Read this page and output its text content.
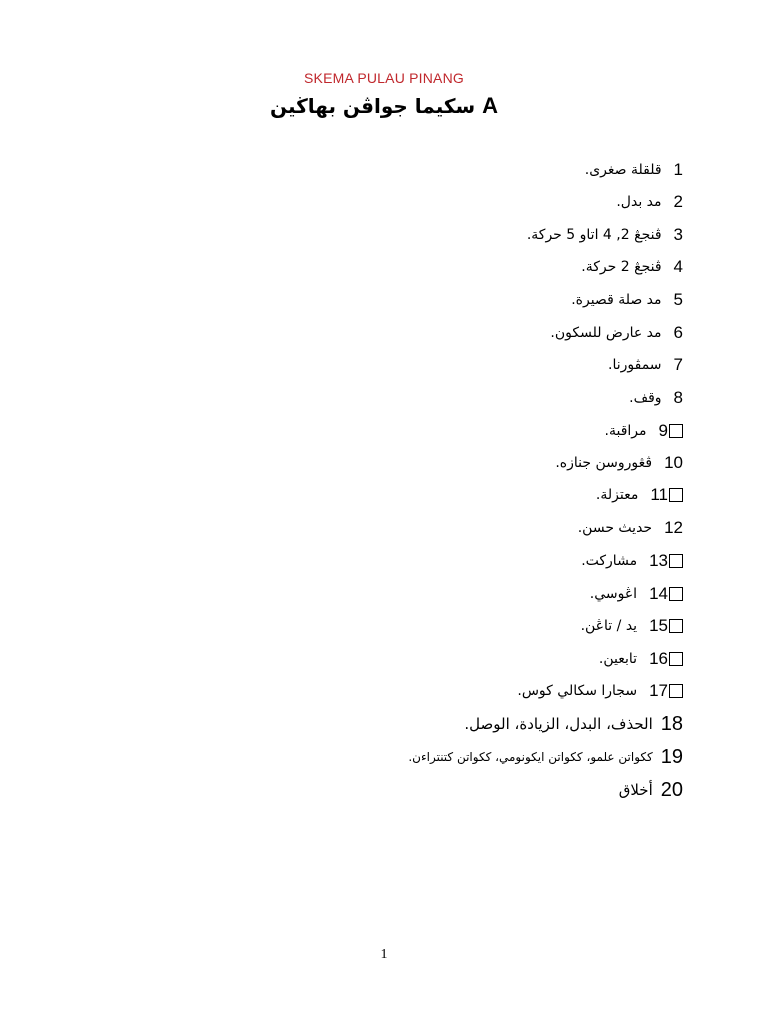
SKEMA PULAU PINANG
سكيما جواڤن بهاڬين A
1
قلقلة صغرى.
2
مد بدل.
3
ڤنجڠ 2, 4 اتاو 5 حركة.
4
ڤنجڠ 2 حركة.
5
مد صلة قصيرة.
6
مد عارض للسكون.
7
سمڤورنا.
8
وقف.
9
مراقبة.
10
ڤڠوروسن جنازه.
11
معتزلة.
12
حديث حسن.
13
مشاركت.
14
اڠوسي.
15
يد / تاڠن.
16
تابعين.
17
سجارا سكالي كوس.
18
الحذف، البدل، الزيادة، الوصل.
19
ككواتن علمو، ككواتن ايكونومي، ككواتن كتنتراءن.
20
أخلاق
1
